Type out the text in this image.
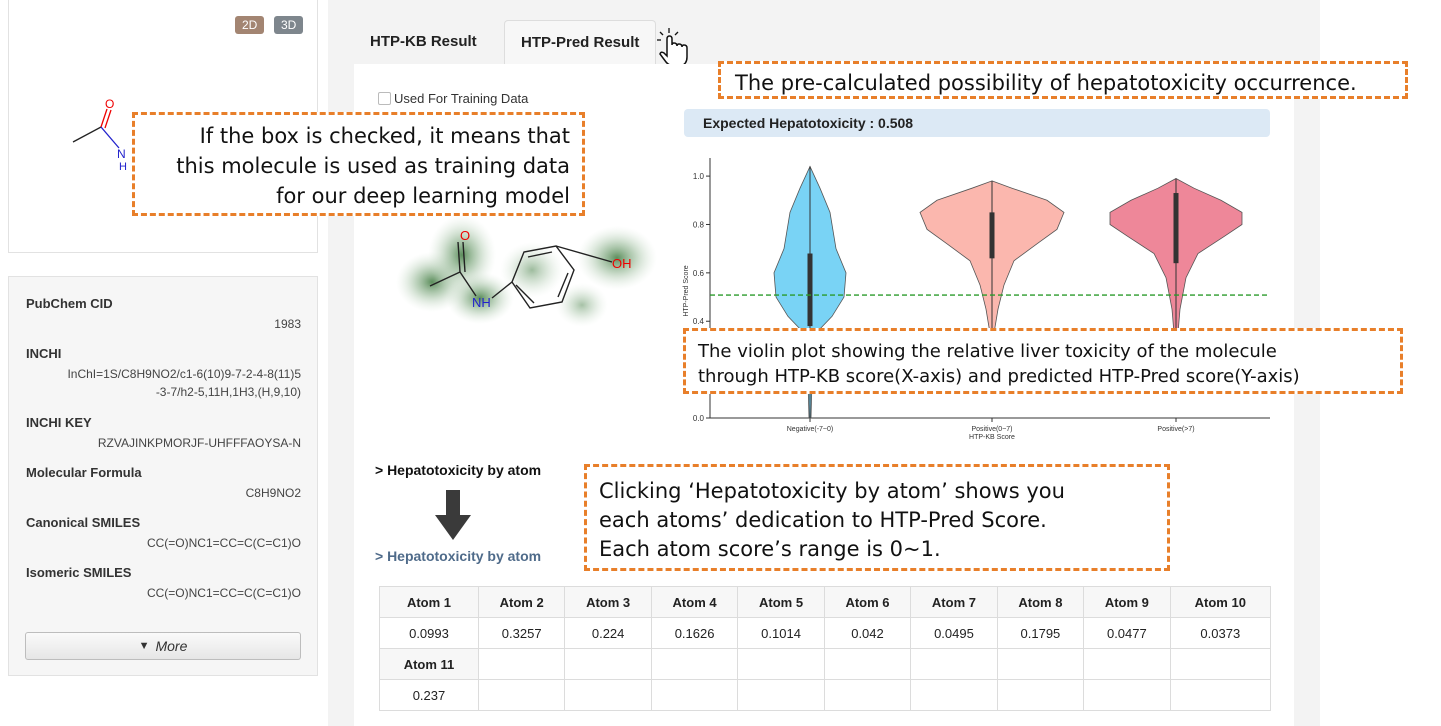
2D	3D
O
N
H
PubChem CID
1983
INCHI
InChI=1S/C8H9NO2/c1-6(10)9-7-2-4-8(11)5
-3-7/h2-5,11H,1H3,(H,9,10)
INCHI KEY
RZVAJINKPMORJF-UHFFFAOYSA-N
Molecular Formula
C8H9NO2
Canonical SMILES
CC(=O)NC1=CC=C(C=C1)O
Isomeric SMILES
CC(=O)NC1=CC=C(C=C1)O
▼ More
HTP-KB Result	HTP-Pred Result
Used For Training Data
O
NH
OH
Expected Hepatotoxicity : 0.508
0.0
0.4
0.6
0.8
1.0
HTP-Pred Score
Negative(-7~0)	Positive(0~7)	Positive(>7)
HTP-KB Score
> Hepatotoxicity by atom
> Hepatotoxicity by atom
Atom 1	Atom 2	Atom 3	Atom 4	Atom 5	Atom 6	Atom 7	Atom 8	Atom 9	Atom 10
0.0993	0.3257	0.224	0.1626	0.1014	0.042	0.0495	0.1795	0.0477	0.0373
Atom 11									
0.237									
The pre-calculated possibility of hepatotoxicity occurrence.
If the box is checked, it means that
this molecule is used as training data
for our deep learning model
The violin plot showing the relative liver toxicity of the molecule
through HTP-KB score(X-axis) and predicted HTP-Pred score(Y-axis)
Clicking ‘Hepatotoxicity by atom’ shows you
each atoms’ dedication to HTP-Pred Score.
Each atom score’s range is 0~1.
